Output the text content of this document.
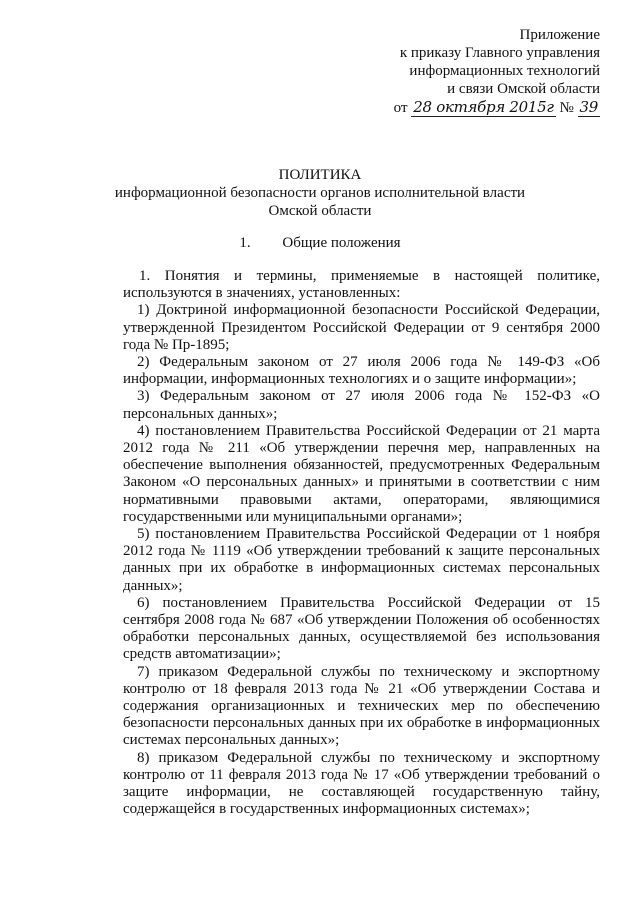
Приложение
к приказу Главного управления
информационных технологий
и связи Омской области
от 28 октября 2015г № 39
ПОЛИТИКА
информационной безопасности органов исполнительной власти
Омской области
1. Общие положения

1. Понятия и термины, применяемые в настоящей политике, используются в значениях, установленных:

1) Доктриной информационной безопасности Российской Федерации, утвержденной Президентом Российской Федерации от 9 сентября 2000 года № Пр-1895;

2) Федеральным законом от 27 июля 2006 года № 149-ФЗ «Об информации, информационных технологиях и о защите информации»;

3) Федеральным законом от 27 июля 2006 года № 152-ФЗ «О персональных данных»;

4) постановлением Правительства Российской Федерации от 21 марта 2012 года № 211 «Об утверждении перечня мер, направленных на обеспечение выполнения обязанностей, предусмотренных Федеральным Законом «О персональных данных» и принятыми в соответствии с ним нормативными правовыми актами, операторами, являющимися государственными или муниципальными органами»;

5) постановлением Правительства Российской Федерации от 1 ноября 2012 года № 1119 «Об утверждении требований к защите персональных данных при их обработке в информационных системах персональных данных»;

6) постановлением Правительства Российской Федерации от 15 сентября 2008 года № 687 «Об утверждении Положения об особенностях обработки персональных данных, осуществляемой без использования средств автоматизации»;

7) приказом Федеральной службы по техническому и экспортному контролю от 18 февраля 2013 года № 21 «Об утверждении Состава и содержания организационных и технических мер по обеспечению безопасности персональных данных при их обработке в информационных системах персональных данных»;

8) приказом Федеральной службы по техническому и экспортному контролю от 11 февраля 2013 года № 17 «Об утверждении требований о защите информации, не составляющей государственную тайну, содержащейся в государственных информационных системах»;
